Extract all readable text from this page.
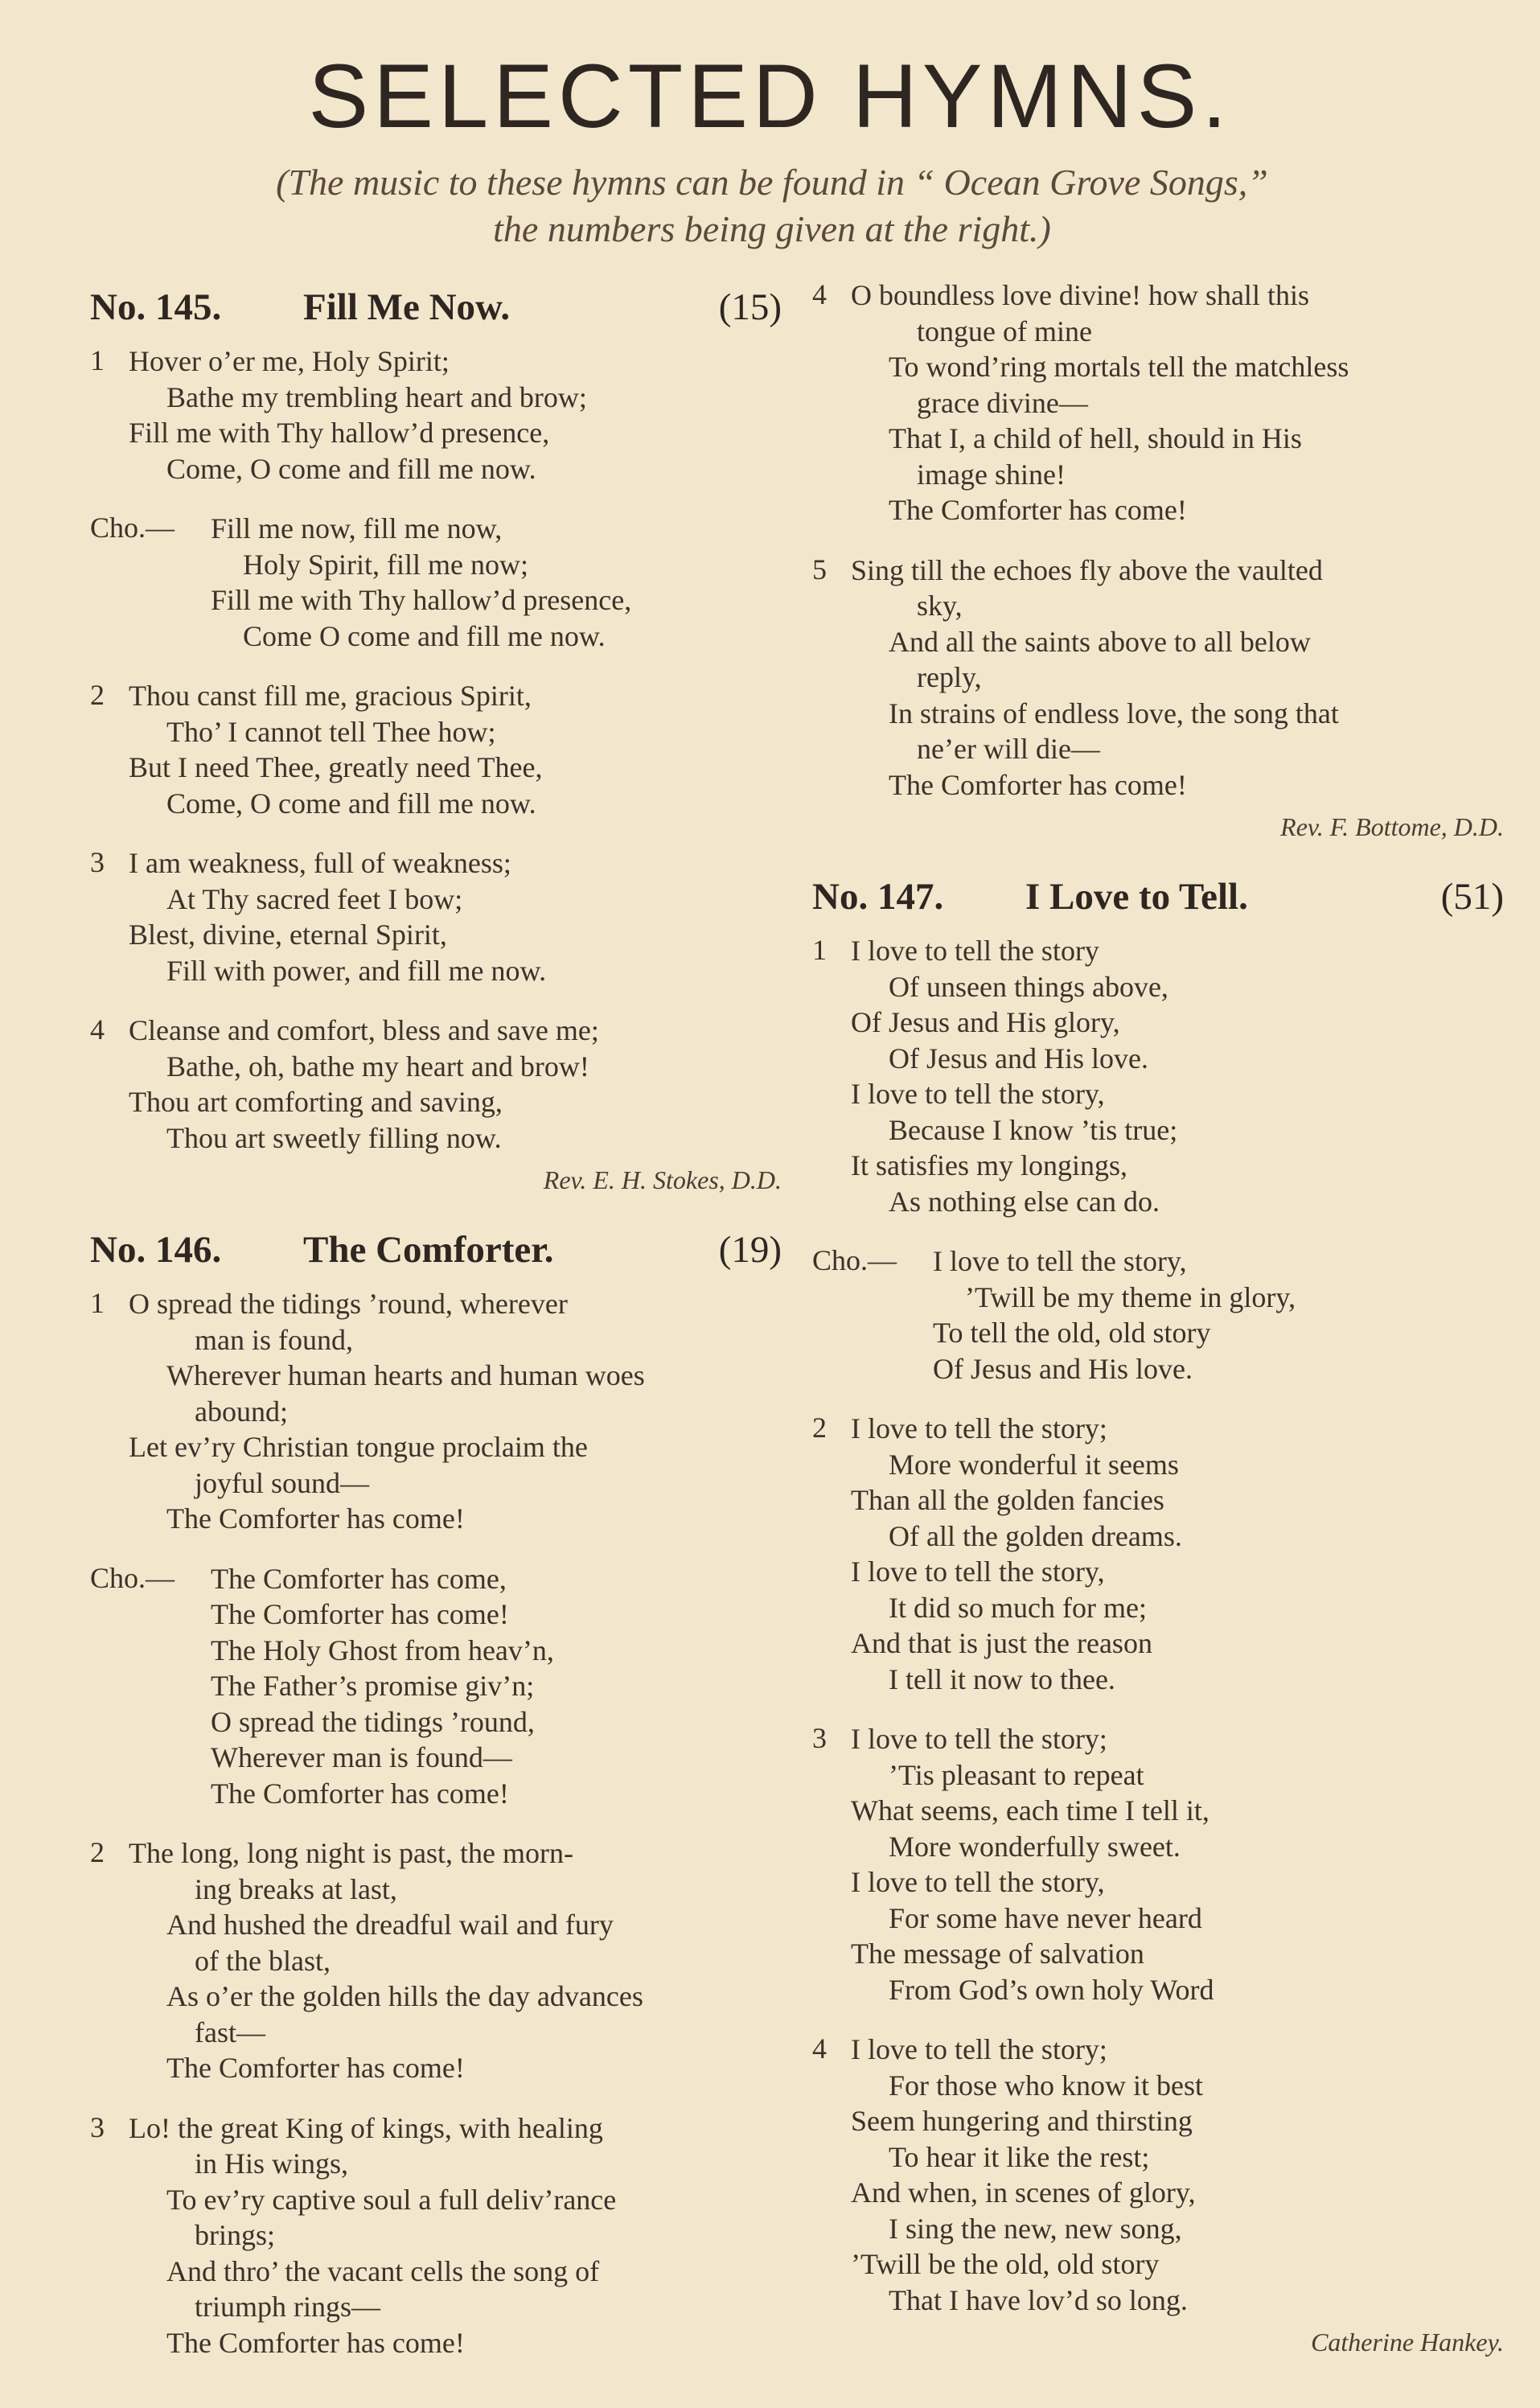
SELECTED HYMNS.

(The music to these hymns can be found in “ Ocean Grove Songs,”
the numbers being given at the right.)

No. 145. Fill Me Now.	(15)
1 Hover o’er me, Holy Spirit;
Bathe my trembling heart and brow;
Fill me with Thy hallow’d presence,
Come, O come and fill me now.
Cho.—	Fill me now, fill me now,
Holy Spirit, fill me now;
Fill me with Thy hallow’d presence,
Come O come and fill me now.
2 Thou canst fill me, gracious Spirit,
Tho’ I cannot tell Thee how;
But I need Thee, greatly need Thee,
Come, O come and fill me now.
3 I am weakness, full of weakness;
At Thy sacred feet I bow;
Blest, divine, eternal Spirit,
Fill with power, and fill me now.
4 Cleanse and comfort, bless and save me;
Bathe, oh, bathe my heart and brow!
Thou art comforting and saving,
Thou art sweetly filling now.
Rev. E. H. Stokes, D.D.
No. 146. The Comforter.	(19)
1 O spread the tidings ’round, wherever
man is found,
Wherever human hearts and human woes
abound;
Let ev’ry Christian tongue proclaim the
joyful sound—
The Comforter has come!
Cho.—	The Comforter has come,
The Comforter has come!
The Holy Ghost from heav’n,
The Father’s promise giv’n;
O spread the tidings ’round,
Wherever man is found—
The Comforter has come!
2 The long, long night is past, the morn-
ing breaks at last,
And hushed the dreadful wail and fury
of the blast,
As o’er the golden hills the day advances
fast—
The Comforter has come!
3 Lo! the great King of kings, with healing
in His wings,
To ev’ry captive soul a full deliv’rance
brings;
And thro’ the vacant cells the song of
triumph rings—
The Comforter has come!
4 O boundless love divine! how shall this
tongue of mine
To wond’ring mortals tell the matchless
grace divine—
That I, a child of hell, should in His
image shine!
The Comforter has come!
5 Sing till the echoes fly above the vaulted
sky,
And all the saints above to all below
reply,
In strains of endless love, the song that
ne’er will die—
The Comforter has come!
Rev. F. Bottome, D.D.
No. 147. I Love to Tell.	(51)
1 I love to tell the story
Of unseen things above,
Of Jesus and His glory,
Of Jesus and His love.
I love to tell the story,
Because I know ’tis true;
It satisfies my longings,
As nothing else can do.
Cho.—	I love to tell the story,
’Twill be my theme in glory,
To tell the old, old story
Of Jesus and His love.
2 I love to tell the story;
More wonderful it seems
Than all the golden fancies
Of all the golden dreams.
I love to tell the story,
It did so much for me;
And that is just the reason
I tell it now to thee.
3 I love to tell the story;
’Tis pleasant to repeat
What seems, each time I tell it,
More wonderfully sweet.
I love to tell the story,
For some have never heard
The message of salvation
From God’s own holy Word
4 I love to tell the story;
For those who know it best
Seem hungering and thirsting
To hear it like the rest;
And when, in scenes of glory,
I sing the new, new song,
’Twill be the old, old story
That I have lov’d so long.
Catherine Hankey.
